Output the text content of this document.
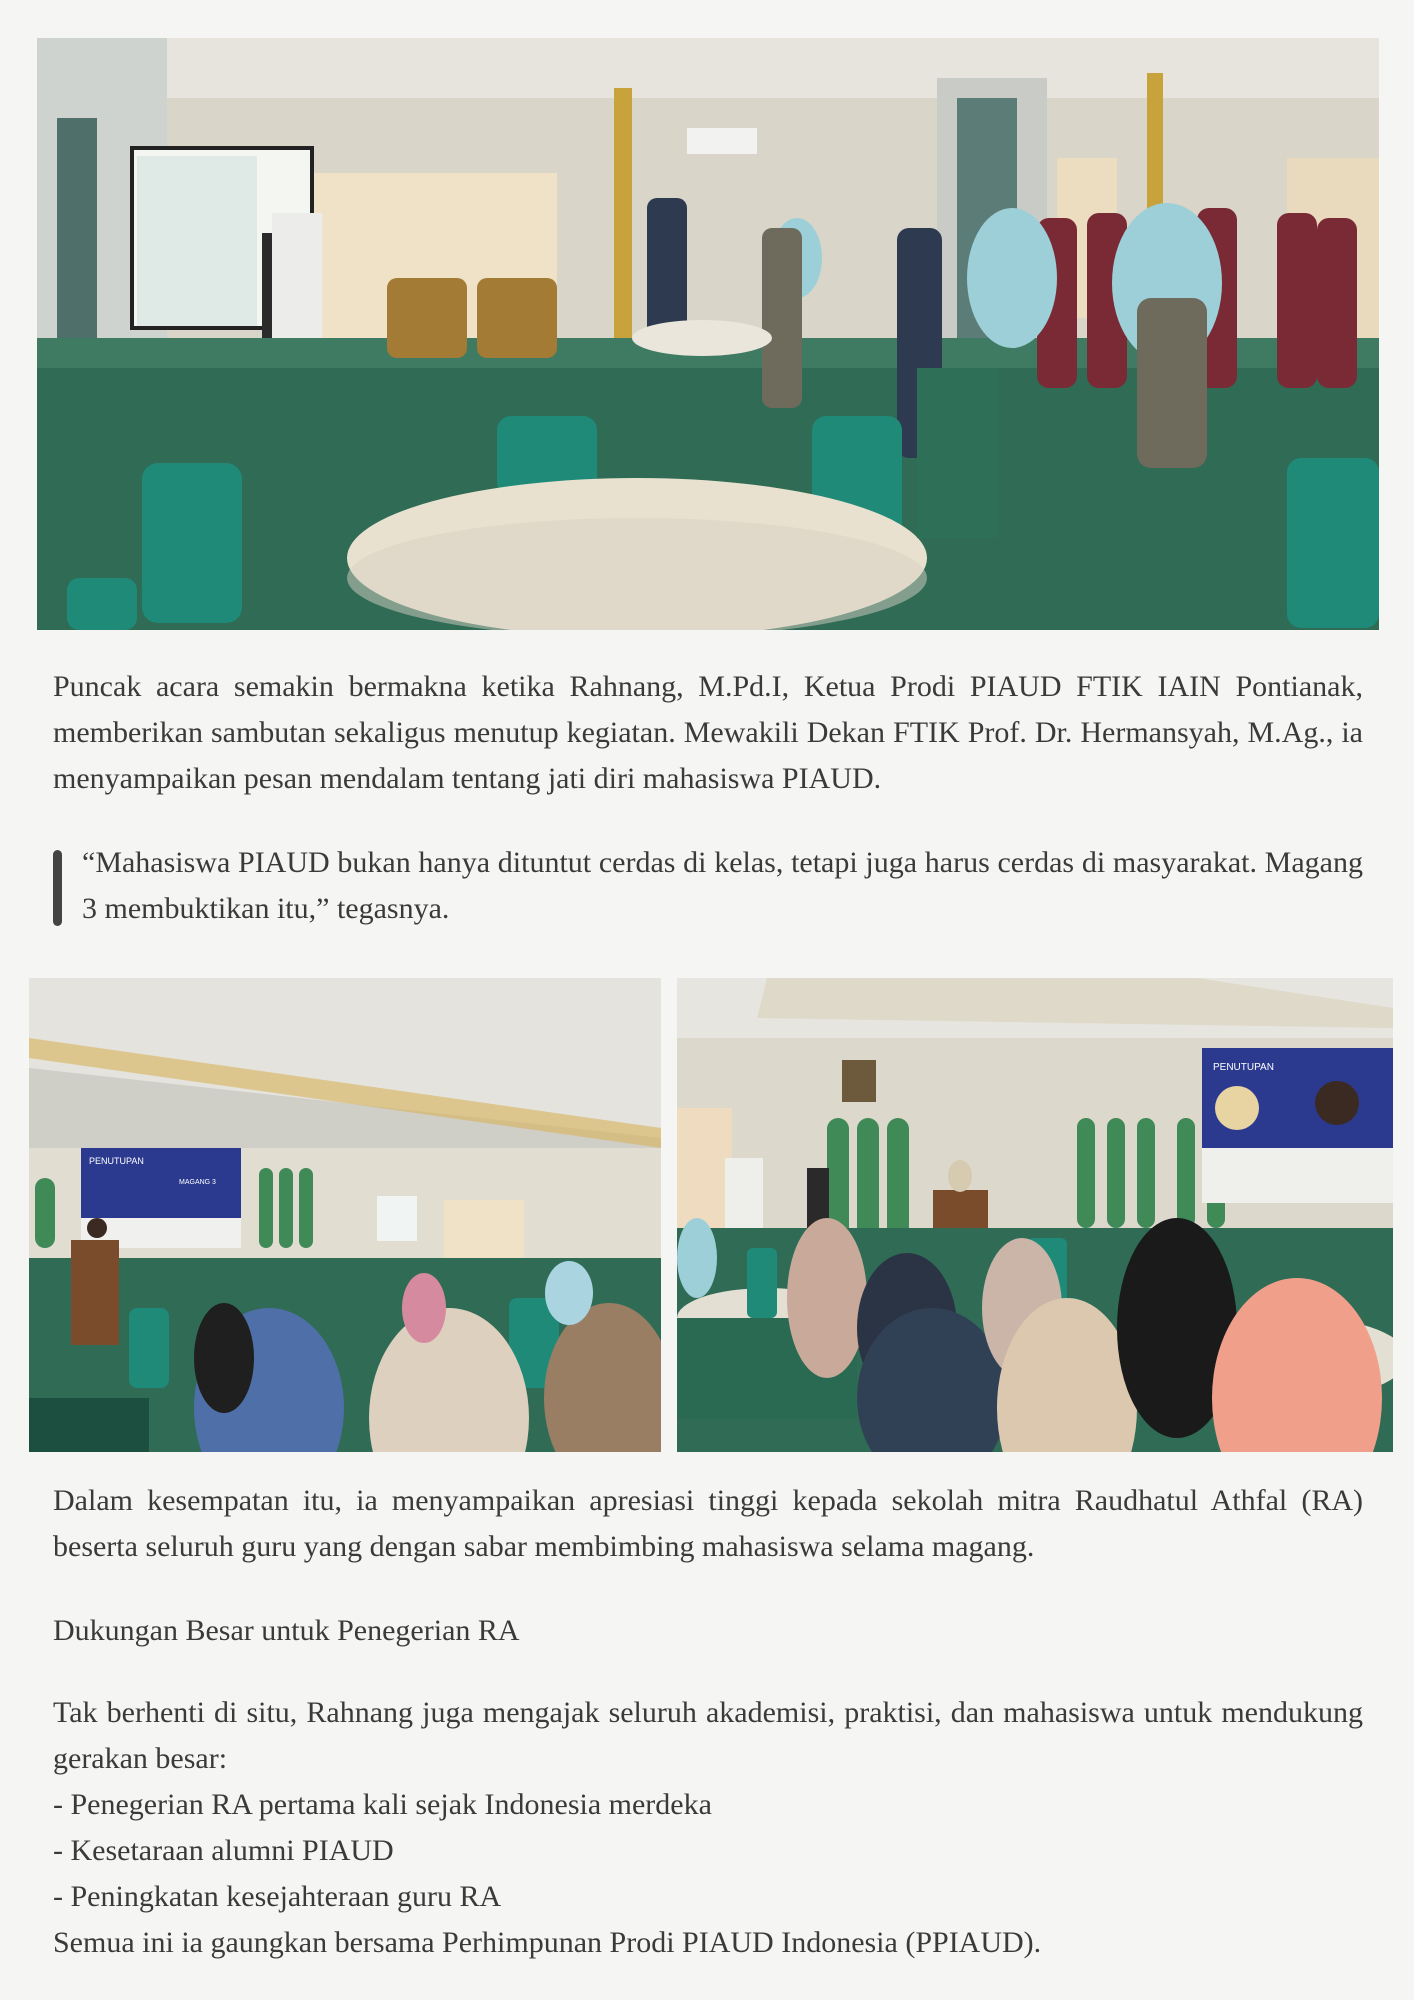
Puncak acara semakin bermakna ketika Rahnang, M.Pd.I, Ketua Prodi PIAUD FTIK IAIN Pontianak, memberikan sambutan sekaligus menutup kegiatan. Mewakili Dekan FTIK Prof. Dr. Hermansyah, M.Ag., ia menyampaikan pesan mendalam tentang jati diri mahasiswa PIAUD.

“Mahasiswa PIAUD bukan hanya dituntut cerdas di kelas, tetapi juga harus cerdas di masyarakat. Magang 3 membuktikan itu,” tegasnya.
PENUTUPAN
MAGANG 3
PENUTUPAN

Dalam kesempatan itu, ia menyampaikan apresiasi tinggi kepada sekolah mitra Raudhatul Athfal (RA) beserta seluruh guru yang dengan sabar membimbing mahasiswa selama magang.

Dukungan Besar untuk Penegerian RA

Tak berhenti di situ, Rahnang juga mengajak seluruh akademisi, praktisi, dan mahasiswa untuk mendukung gerakan besar:

- Penegerian RA pertama kali sejak Indonesia merdeka
- Kesetaraan alumni PIAUD
- Peningkatan kesejahteraan guru RA

Semua ini ia gaungkan bersama Perhimpunan Prodi PIAUD Indonesia (PPIAUD).
